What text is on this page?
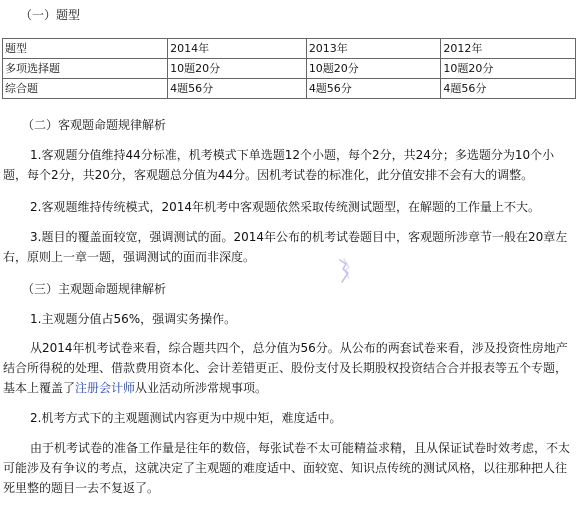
（一）题型
题型	2014年	2013年	2012年
多项选择题	10题20分	10题20分	10题20分
综合题	4题56分	4题56分	4题56分
（二）客观题命题规律解析

1.客观题分值维持44分标准，机考模式下单选题12个小题，每个2分，共24分；多选题分为10个小题，每个2分，共20分，客观题总分值为44分。因机考试卷的标准化，此分值安排不会有大的调整。

2.客观题维持传统模式，2014年机考中客观题依然采取传统测试题型，在解题的工作量上不大。

3.题目的覆盖面较宽，强调测试的面。2014年公布的机考试卷题目中，客观题所涉章节一般在20章左右，原则上一章一题，强调测试的面而非深度。

（三）主观题命题规律解析

1.主观题分值占56%，强调实务操作。

从2014年机考试卷来看，综合题共四个，总分值为56分。从公布的两套试卷来看，涉及投资性房地产结合所得税的处理、借款费用资本化、会计差错更正、股份支付及长期股权投资结合合并报表等五个专题，基本上覆盖了注册会计师从业活动所涉常规事项。

2.机考方式下的主观题测试内容更为中规中矩，难度适中。

由于机考试卷的准备工作量是往年的数倍，每张试卷不太可能精益求精，且从保证试卷时效考虑，不太可能涉及有争议的考点，这就决定了主观题的难度适中、面较宽、知识点传统的测试风格，以往那种把人往死里整的题目一去不复返了。
